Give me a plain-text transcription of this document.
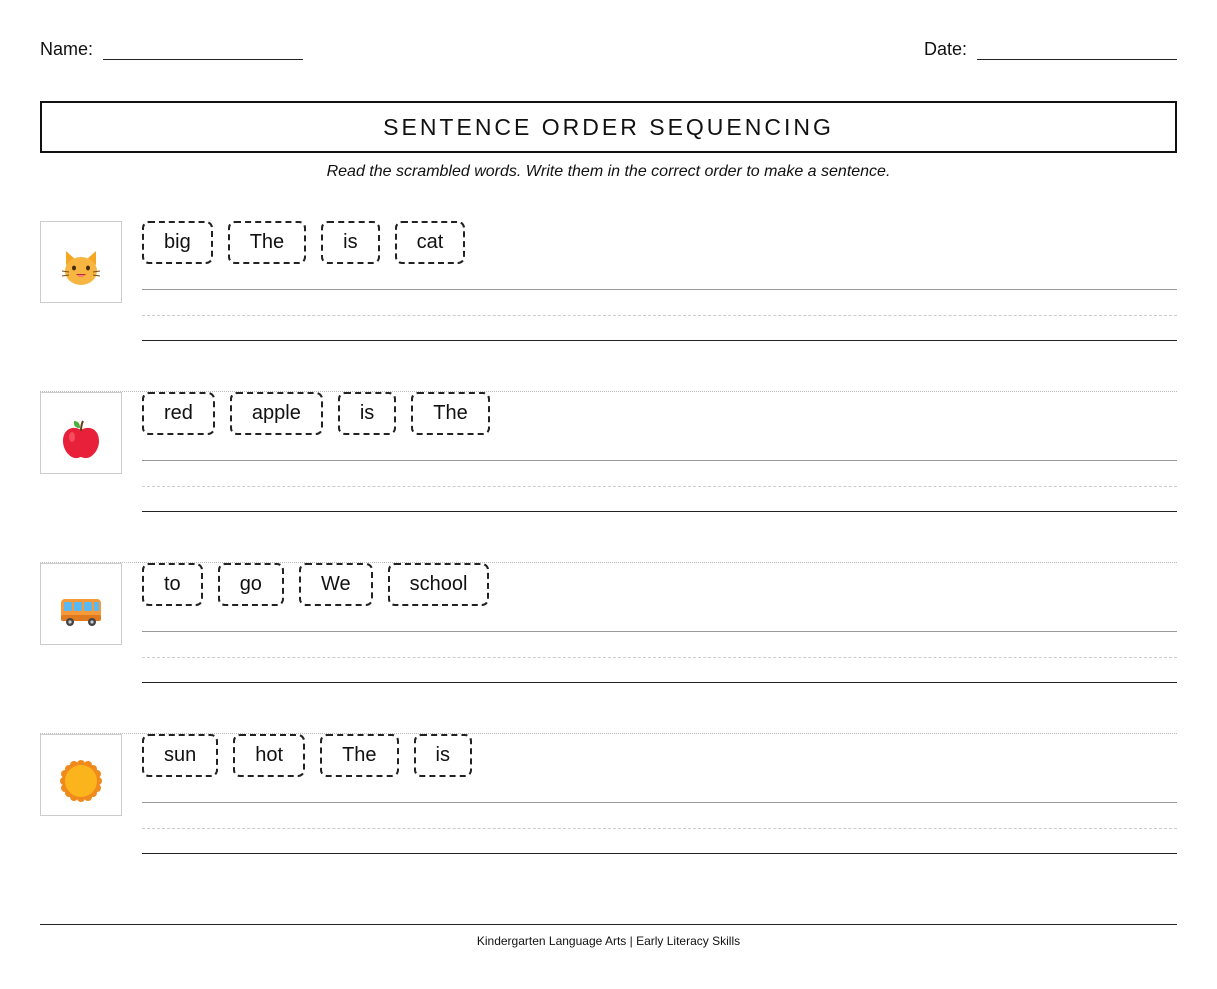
Name:	Date:
SENTENCE ORDER SEQUENCING
Read the scrambled words. Write them in the correct order to make a sentence.
big	The	is	cat
red	apple	is	The
to	go	We	school
sun	hot	The	is
Kindergarten Language Arts | Early Literacy Skills
